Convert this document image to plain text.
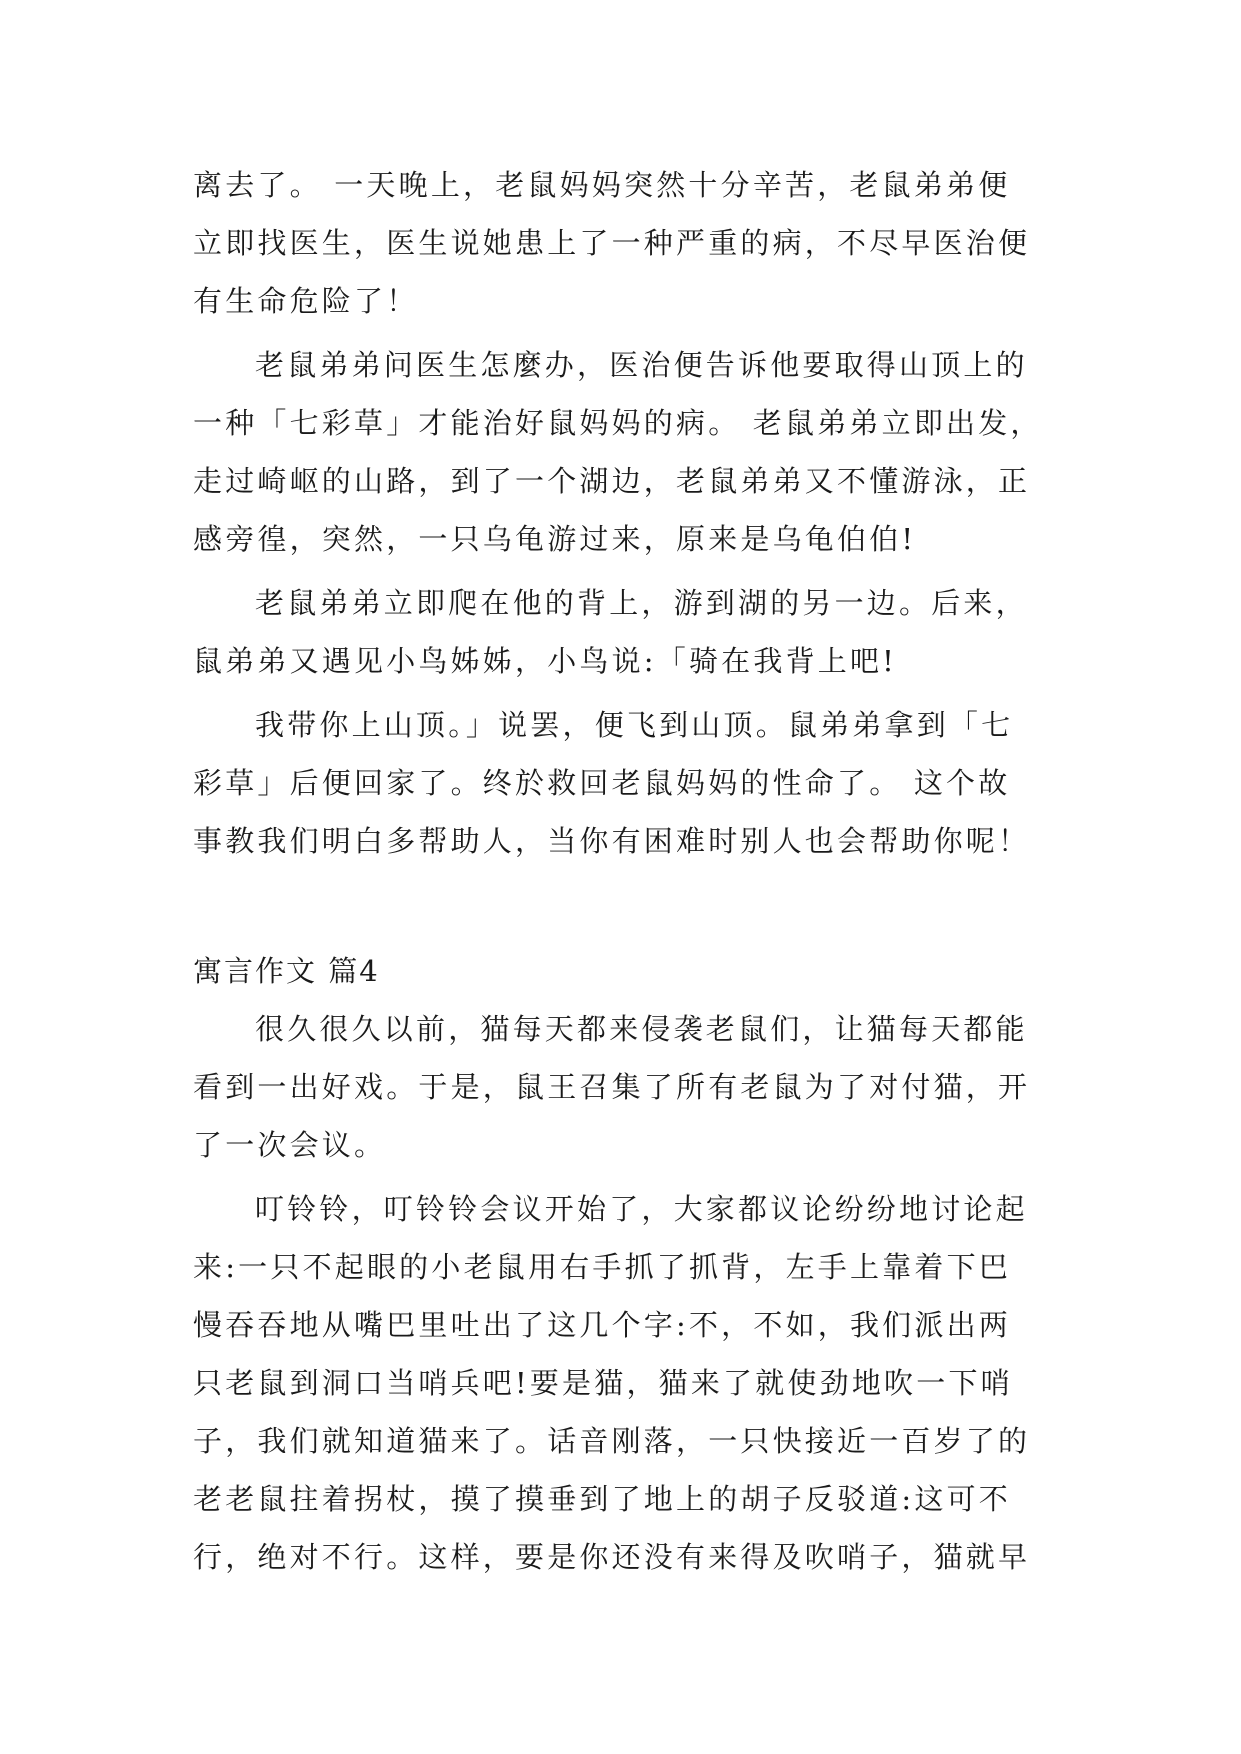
离去了。 一天晚上，老鼠妈妈突然十分辛苦，老鼠弟弟便
立即找医生，医生说她患上了一种严重的病，不尽早医治便
有生命危险了！
老鼠弟弟问医生怎麼办，医治便告诉他要取得山顶上的
一种「七彩草」才能治好鼠妈妈的病。 老鼠弟弟立即出发，
走过崎岖的山路，到了一个湖边，老鼠弟弟又不懂游泳，正
感旁徨，突然，一只乌龟游过来，原来是乌龟伯伯!
老鼠弟弟立即爬在他的背上，游到湖的另一边。后来，
鼠弟弟又遇见小鸟姊姊，小鸟说:「骑在我背上吧!
我带你上山顶。」说罢，便飞到山顶。鼠弟弟拿到「七
彩草」后便回家了。终於救回老鼠妈妈的性命了。 这个故
事教我们明白多帮助人，当你有困难时别人也会帮助你呢！
寓言作文 篇4
很久很久以前，猫每天都来侵袭老鼠们，让猫每天都能
看到一出好戏。于是，鼠王召集了所有老鼠为了对付猫，开
了一次会议。
叮铃铃，叮铃铃会议开始了，大家都议论纷纷地讨论起
来:一只不起眼的小老鼠用右手抓了抓背，左手上靠着下巴
慢吞吞地从嘴巴里吐出了这几个字:不，不如，我们派出两
只老鼠到洞口当哨兵吧!要是猫，猫来了就使劲地吹一下哨
子，我们就知道猫来了。话音刚落，一只快接近一百岁了的
老老鼠拄着拐杖，摸了摸垂到了地上的胡子反驳道:这可不
行，绝对不行。这样，要是你还没有来得及吹哨子，猫就早
